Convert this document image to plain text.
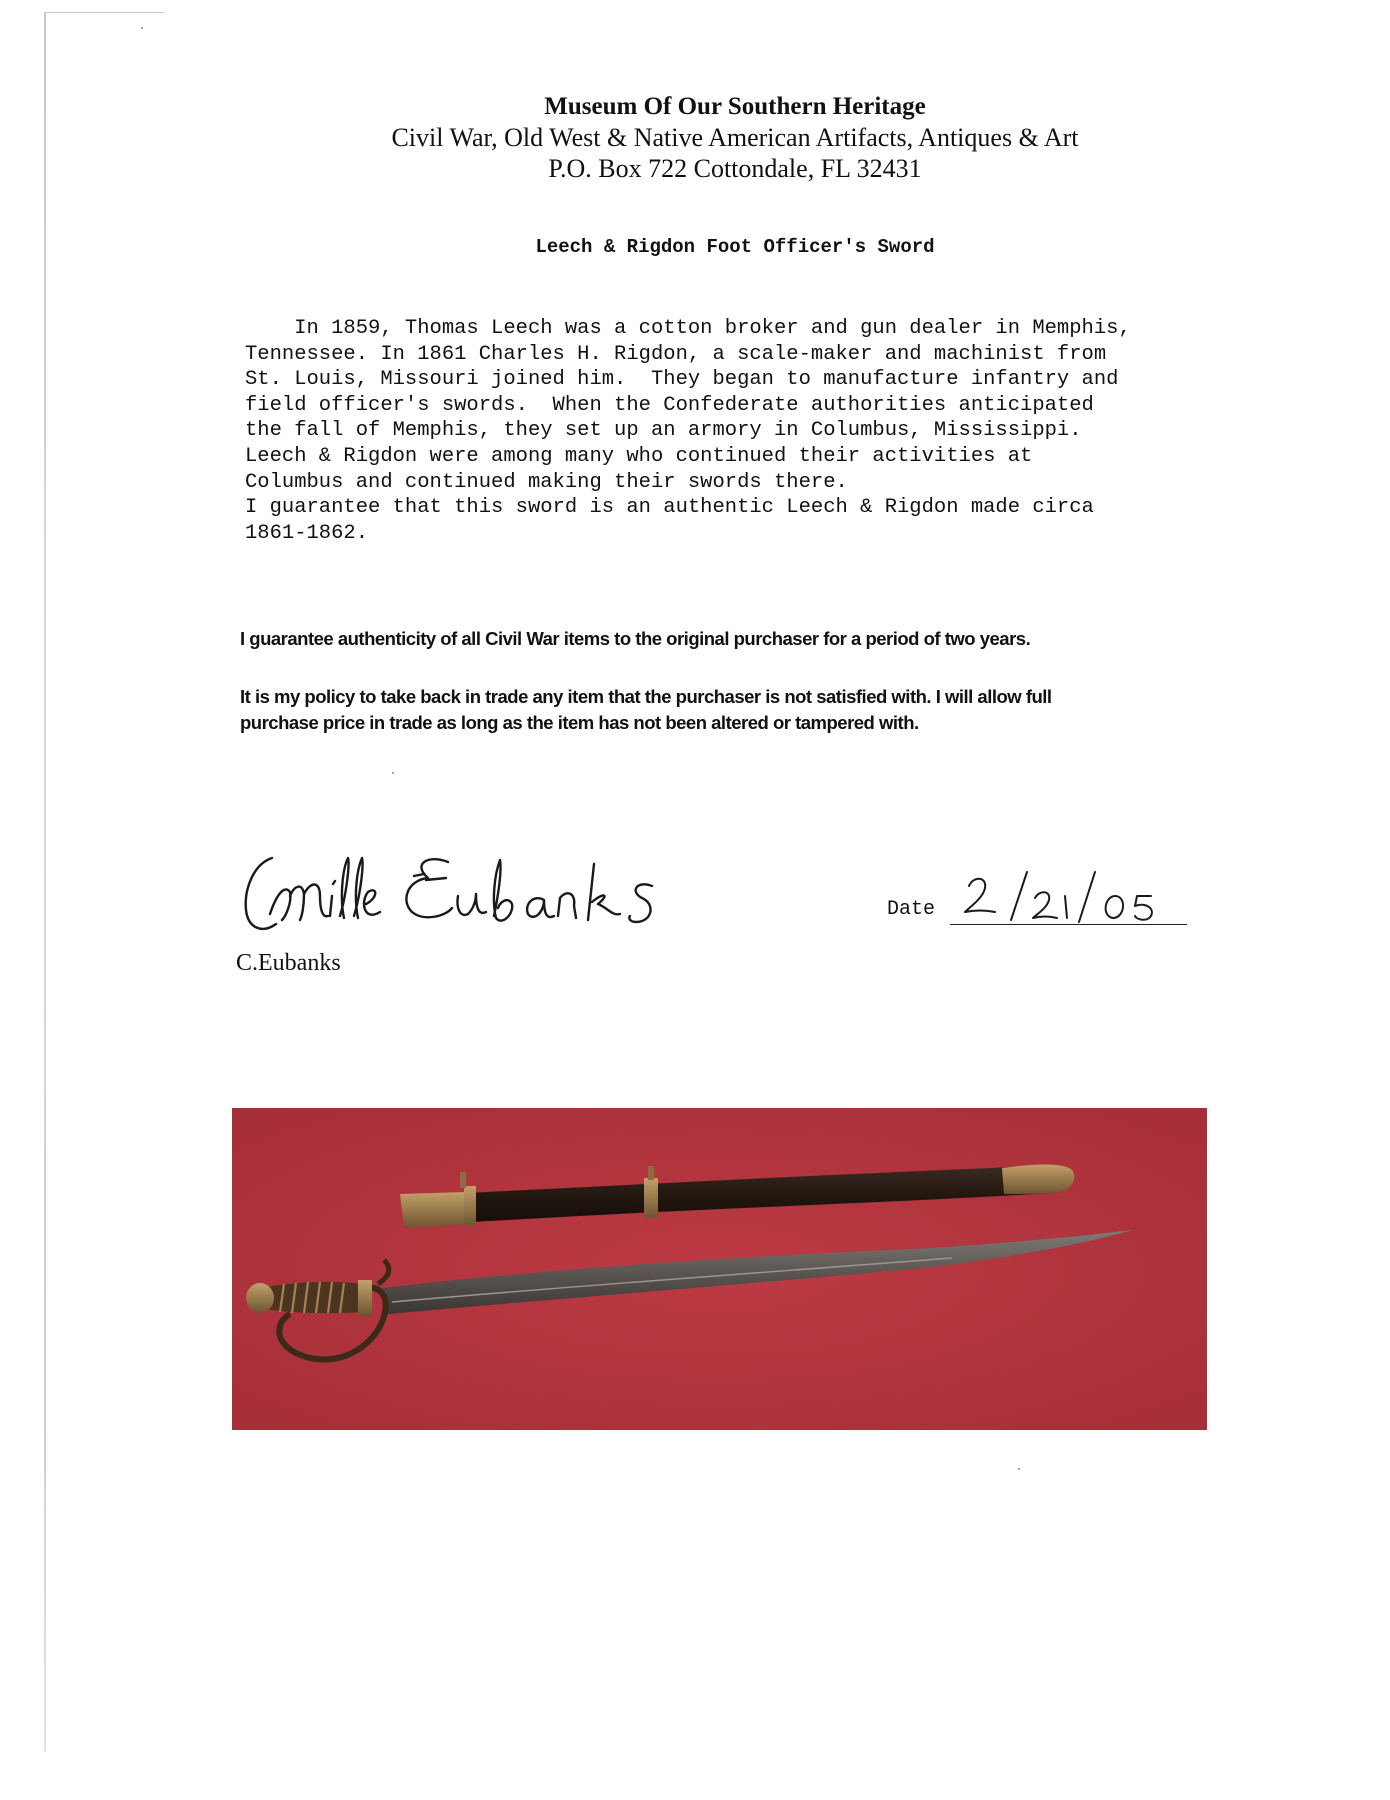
Museum Of Our Southern Heritage
Civil War, Old West & Native American Artifacts, Antiques & Art
P.O. Box 722 Cottondale, FL 32431
Leech & Rigdon Foot Officer's Sword
In 1859, Thomas Leech was a cotton broker and gun dealer in Memphis,
Tennessee. In 1861 Charles H. Rigdon, a scale-maker and machinist from
St. Louis, Missouri joined him.  They began to manufacture infantry and
field officer's swords.  When the Confederate authorities anticipated
the fall of Memphis, they set up an armory in Columbus, Mississippi.
Leech & Rigdon were among many who continued their activities at
Columbus and continued making their swords there.
I guarantee that this sword is an authentic Leech & Rigdon made circa
1861-1862.
I guarantee authenticity of all Civil War items to the original purchaser for a period of two years.
It is my policy to take back in trade any item that the purchaser is not satisfied with. I will allow full
purchase price in trade as long as the item has not been altered or tampered with.
C.Eubanks
Date
